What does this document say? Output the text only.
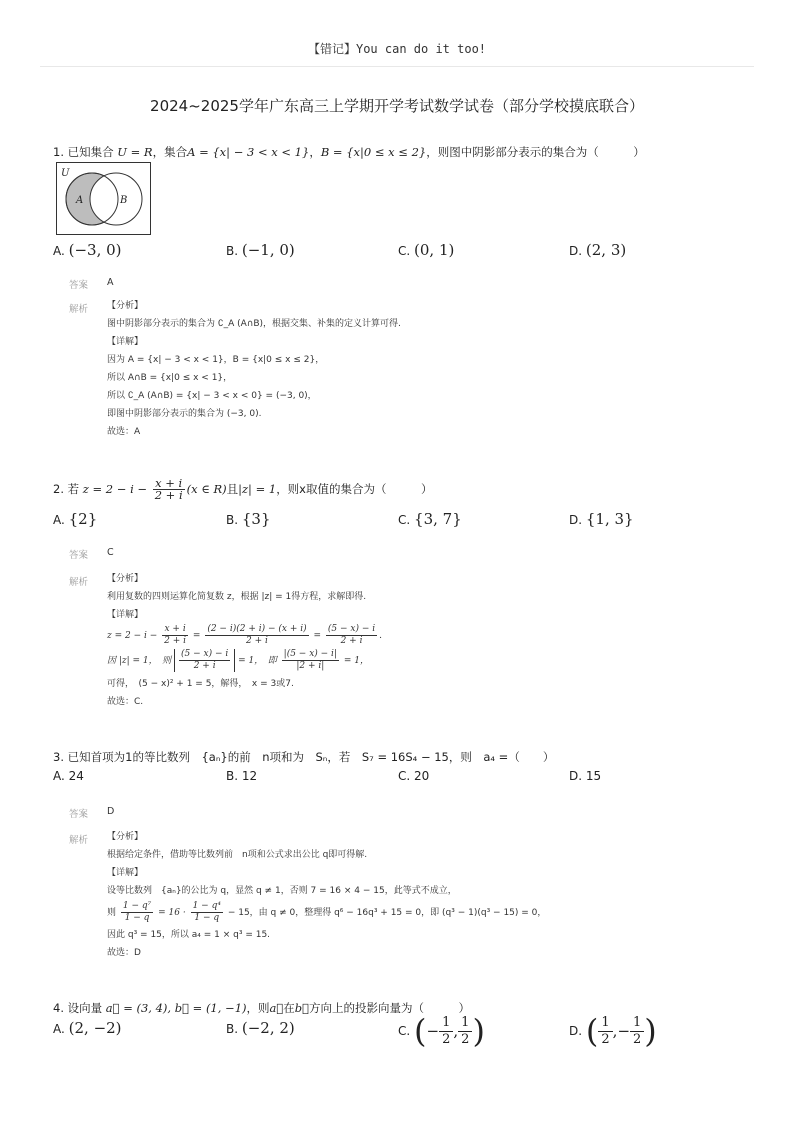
【错记】You can do it too!
2024~2025学年广东高三上学期开学考试数学试卷（部分学校摸底联合）
1. 已知集合 U = R，集合A = {x| − 3 < x < 1}，B = {x|0 ≤ x ≤ 2}，则图中阴影部分表示的集合为（　　　）
U
A	B
A. (−3, 0)	B. (−1, 0)	C. (0, 1)	D. (2, 3)
答案 A
解析 【分析】
图中阴影部分表示的集合为 ∁_A (A∩B)，根据交集、补集的定义计算可得.
【详解】
因为 A = {x| − 3 < x < 1}，B = {x|0 ≤ x ≤ 2}，
所以 A∩B = {x|0 ≤ x < 1}，
所以 ∁_A (A∩B) = {x| − 3 < x < 0} = (−3, 0)，
即图中阴影部分表示的集合为 (−3, 0).
故选：A
2. 若 $z = 2 - i - \frac{x + i}{2 + i} (x$ ∈ R)且|z| = 1，则x取值的集合为（　　　）
A. {2}	B. {3}	C. {3, 7}	D. {1, 3}
答案 C
解析 【分析】
利用复数的四则运算化简复数 z，根据 |z| = 1得方程，求解即得.
【详解】
$z = 2 - i - \frac{x + i}{2 + i} = \frac{(2 - i)(2 + i) - (x + i)}{2 + i} = \frac{(5 - x) - i}{2 + i}$ .
因 |z| = 1，　则 $\frac{(5 - x) - i}{2 + i} = 1$，　即 $\frac{|(5 - x) - i|}{|2 + i|} = 1$，
可得，　(5 − x)² + 1 = 5，解得，　x = 3或7.
故选：C.
3. 已知首项为1的等比数列　{aₙ}的前　n项和为　Sₙ，若　S₇ = 16S₄ − 15，则　a₄ =（　　）
A. 24	B. 12	C. 20	D. 15
答案 D
解析 【分析】
根据给定条件，借助等比数列前　n项和公式求出公比 q即可得解.
【详解】
设等比数列　{aₙ}的公比为 q，显然 q ≠ 1，否则 7 = 16 × 4 − 15，此等式不成立，
则 $\frac{\text{1 − q⁷}}{1 - q} = 16 \cdot \frac{\text{1 − q⁴}}{1 - q} - 15$，由 q ≠ 0，整理得 q⁶ − 16q³ + 15 = 0，即 (q³ − 1)(q³ − 15) = 0，
因此 q³ = 15，所以 a₄ = 1 × q³ = 15.
故选：D
4. 设向量 a⃗ = (3, 4), b⃗ = (1, −1)，则a⃗在b⃗方向上的投影向量为（　　　）
A. (2, −2)	B. (−2, 2)	C. (− $\frac{1}{2}$ , $\frac{1}{2}$ )	D. ( $\frac{1}{2}$ ,− $\frac{1}{2}$ )
